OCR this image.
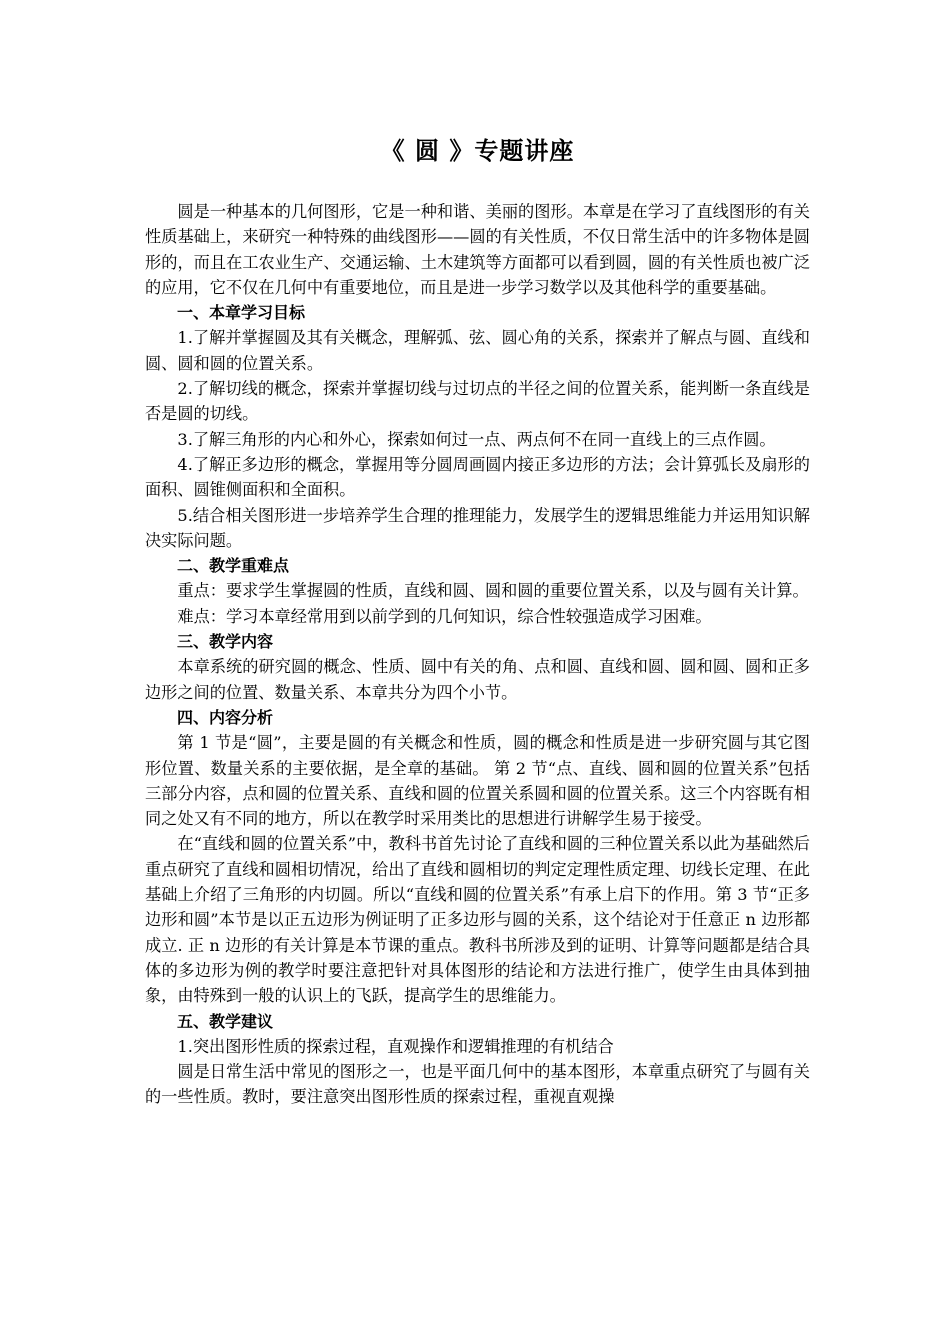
《 圆 》专题讲座

圆是一种基本的几何图形，它是一种和谐、美丽的图形。本章是在学习了直线图形的有关性质基础上，来研究一种特殊的曲线图形——圆的有关性质，不仅日常生活中的许多物体是圆形的，而且在工农业生产、交通运输、土木建筑等方面都可以看到圆，圆的有关性质也被广泛的应用，它不仅在几何中有重要地位，而且是进一步学习数学以及其他科学的重要基础。

一、本章学习目标

1.了解并掌握圆及其有关概念，理解弧、弦、圆心角的关系，探索并了解点与圆、直线和圆、圆和圆的位置关系。

2.了解切线的概念，探索并掌握切线与过切点的半径之间的位置关系，能判断一条直线是否是圆的切线。

3.了解三角形的内心和外心，探索如何过一点、两点何不在同一直线上的三点作圆。

4.了解正多边形的概念，掌握用等分圆周画圆内接正多边形的方法；会计算弧长及扇形的面积、圆锥侧面积和全面积。

5.结合相关图形进一步培养学生合理的推理能力，发展学生的逻辑思维能力并运用知识解决实际问题。

二、教学重难点

重点：要求学生掌握圆的性质，直线和圆、圆和圆的重要位置关系，以及与圆有关计算。

难点：学习本章经常用到以前学到的几何知识，综合性较强造成学习困难。

三、教学内容

本章系统的研究圆的概念、性质、圆中有关的角、点和圆、直线和圆、圆和圆、圆和正多边形之间的位置、数量关系、本章共分为四个小节。

四、内容分析

第 1 节是“圆”，主要是圆的有关概念和性质，圆的概念和性质是进一步研究圆与其它图形位置、数量关系的主要依据，是全章的基础。 第 2 节“点、直线、圆和圆的位置关系”包括三部分内容，点和圆的位置关系、直线和圆的位置关系圆和圆的位置关系。这三个内容既有相同之处又有不同的地方，所以在教学时采用类比的思想进行讲解学生易于接受。

在“直线和圆的位置关系”中，教科书首先讨论了直线和圆的三种位置关系以此为基础然后重点研究了直线和圆相切情况，给出了直线和圆相切的判定定理性质定理、切线长定理、在此基础上介绍了三角形的内切圆。所以“直线和圆的位置关系”有承上启下的作用。第 3 节“正多边形和圆”本节是以正五边形为例证明了正多边形与圆的关系，这个结论对于任意正 n 边形都成立. 正 n 边形的有关计算是本节课的重点。教科书所涉及到的证明、计算等问题都是结合具体的多边形为例的教学时要注意把针对具体图形的结论和方法进行推广，使学生由具体到抽象，由特殊到一般的认识上的飞跃，提高学生的思维能力。

五、教学建议

1.突出图形性质的探索过程，直观操作和逻辑推理的有机结合

圆是日常生活中常见的图形之一，也是平面几何中的基本图形，本章重点研究了与圆有关的一些性质。教时，要注意突出图形性质的探索过程，重视直观操
